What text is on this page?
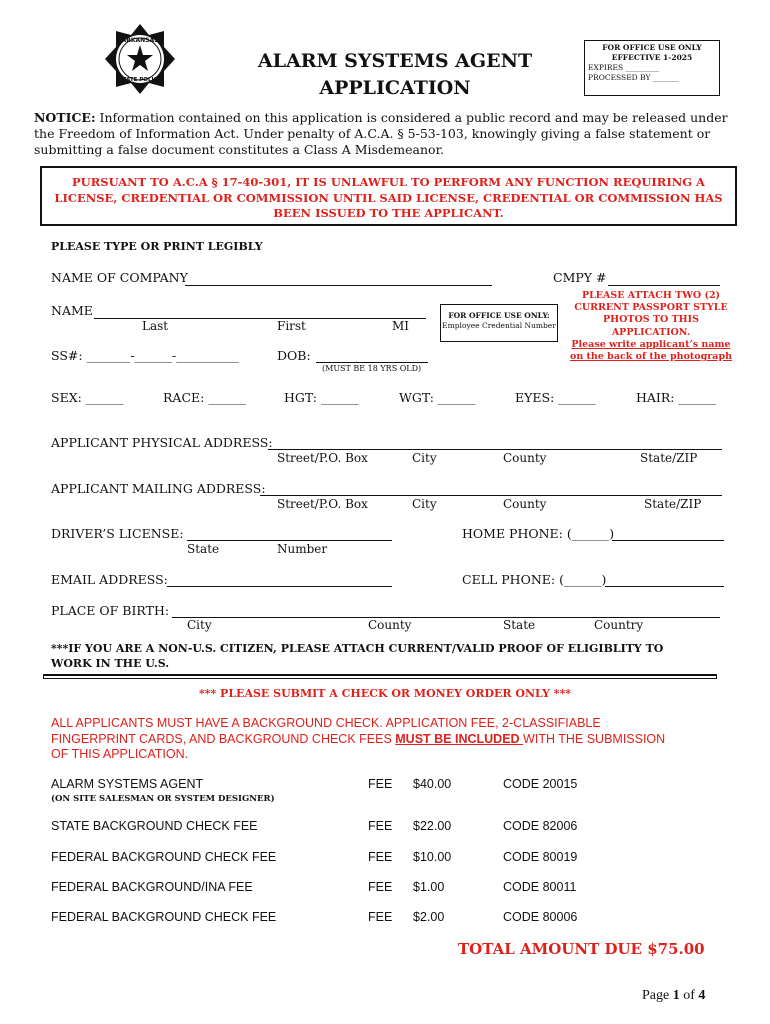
ARKANSAS
STATE POLICE
ALARM SYSTEMS AGENT
APPLICATION
FOR OFFICE USE ONLY
EFFECTIVE 1-2025
EXPIRES _________
PROCESSED BY _______
NOTICE: Information contained on this application is considered a public record and may be released under
the Freedom of Information Act. Under penalty of A.C.A. § 5-53-103, knowingly giving a false statement or
submitting a false document constitutes a Class A Misdemeanor.
PURSUANT TO A.C.A § 17-40-301, IT IS UNLAWFUL TO PERFORM ANY FUNCTION REQUIRING A
LICENSE, CREDENTIAL OR COMMISSION UNTIL SAID LICENSE, CREDENTIAL OR COMMISSION HAS
BEEN ISSUED TO THE APPLICANT.
PLEASE TYPE OR PRINT LEGIBLY
NAME OF COMPANY	CMPY #
NAME
Last	First	MI
FOR OFFICE USE ONLY:
Employee Credential Number
PLEASE ATTACH TWO (2)
CURRENT PASSPORT STYLE
PHOTOS TO THIS
APPLICATION.
Please write applicant’s name
on the back of the photograph
SS#: _______-______-__________	DOB:
(MUST BE 18 YRS OLD)
SEX: ______	RACE: ______	HGT: ______	WGT: ______	EYES: ______	HAIR: ______
APPLICANT PHYSICAL ADDRESS:
Street/P.O. Box	City	County	State/ZIP
APPLICANT MAILING ADDRESS:
Street/P.O. Box	City	County	State/ZIP
DRIVER’S LICENSE:
State	Number
HOME PHONE: (______)
EMAIL ADDRESS:	CELL PHONE: (______)
PLACE OF BIRTH:
City	County	State	Country
***IF YOU ARE A NON-U.S. CITIZEN, PLEASE ATTACH CURRENT/VALID PROOF OF ELIGIBLITY TO
WORK IN THE U.S.
*** PLEASE SUBMIT A CHECK OR MONEY ORDER ONLY ***
ALL APPLICANTS MUST HAVE A BACKGROUND CHECK. APPLICATION FEE, 2-CLASSIFIABLE
FINGERPRINT CARDS, AND BACKGROUND CHECK FEES MUST BE INCLUDED WITH THE SUBMISSION
OF THIS APPLICATION.
ALARM SYSTEMS AGENT
(ON SITE SALESMAN OR SYSTEM DESIGNER)
FEE $40.00	CODE 20015
STATE BACKGROUND CHECK FEE	FEE $22.00	CODE 82006
FEDERAL BACKGROUND CHECK FEE	FEE $10.00	CODE 80019
FEDERAL BACKGROUND/INA FEE	FEE $1.00	CODE 80011
FEDERAL BACKGROUND CHECK FEE	FEE $2.00	CODE 80006
TOTAL AMOUNT DUE $75.00
Page 1 of 4
